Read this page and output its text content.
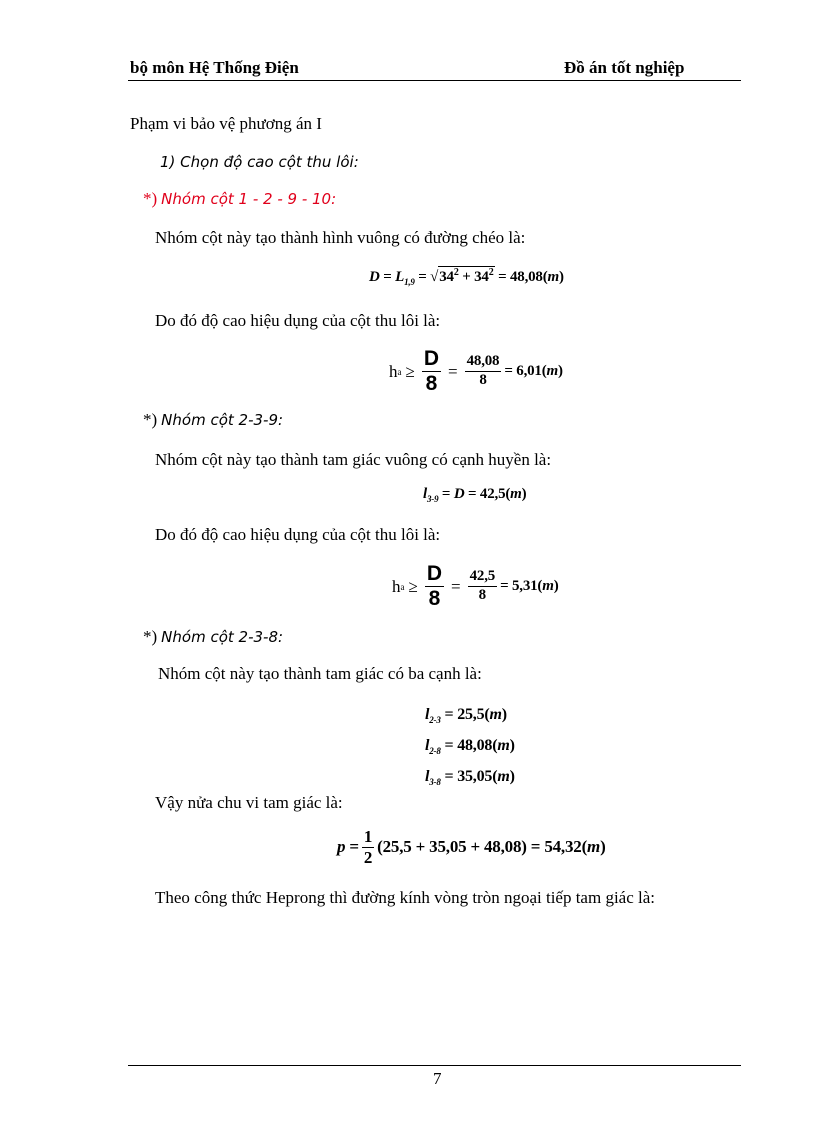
bộ môn Hệ Thống Điện	Đồ án tốt nghiệp
Phạm vi bảo vệ phương án I
1) Chọn độ cao cột thu lôi:
*) Nhóm cột 1 - 2 - 9 - 10:
Nhóm cột này tạo thành hình vuông có đường chéo là:
$D = L_{1,9} = √34^2 + 34^2 = 48,08(m)$
Do đó độ cao hiệu dụng của cột thu lôi là:
h $a \ge \frac{D}{8} = \frac{48,08}{8} = 6,01(m)$
*) Nhóm cột 2-3-9:
Nhóm cột này tạo thành tam giác vuông có cạnh huyền là:
$l_{3-9} = D = 42,5(m)$
Do đó độ cao hiệu dụng của cột thu lôi là:
h $a \ge \frac{D}{8} = \frac{42,5}{8} = 5,31(m)$
*) Nhóm cột 2-3-8:
Nhóm cột này tạo thành tam giác có ba cạnh là:
$l_{2-3} = 25,5(m)$
$l_{2-8} = 48,08(m)$
$l_{3-8} = 35,05(m)$
Vậy nửa chu vi tam giác là:
$p = \frac{1}{2} (25,5 + 35,05 + 48,08) = 54,32$ ( m )
Theo công thức Heprong thì đường kính vòng tròn ngoại tiếp tam giác là:
7
